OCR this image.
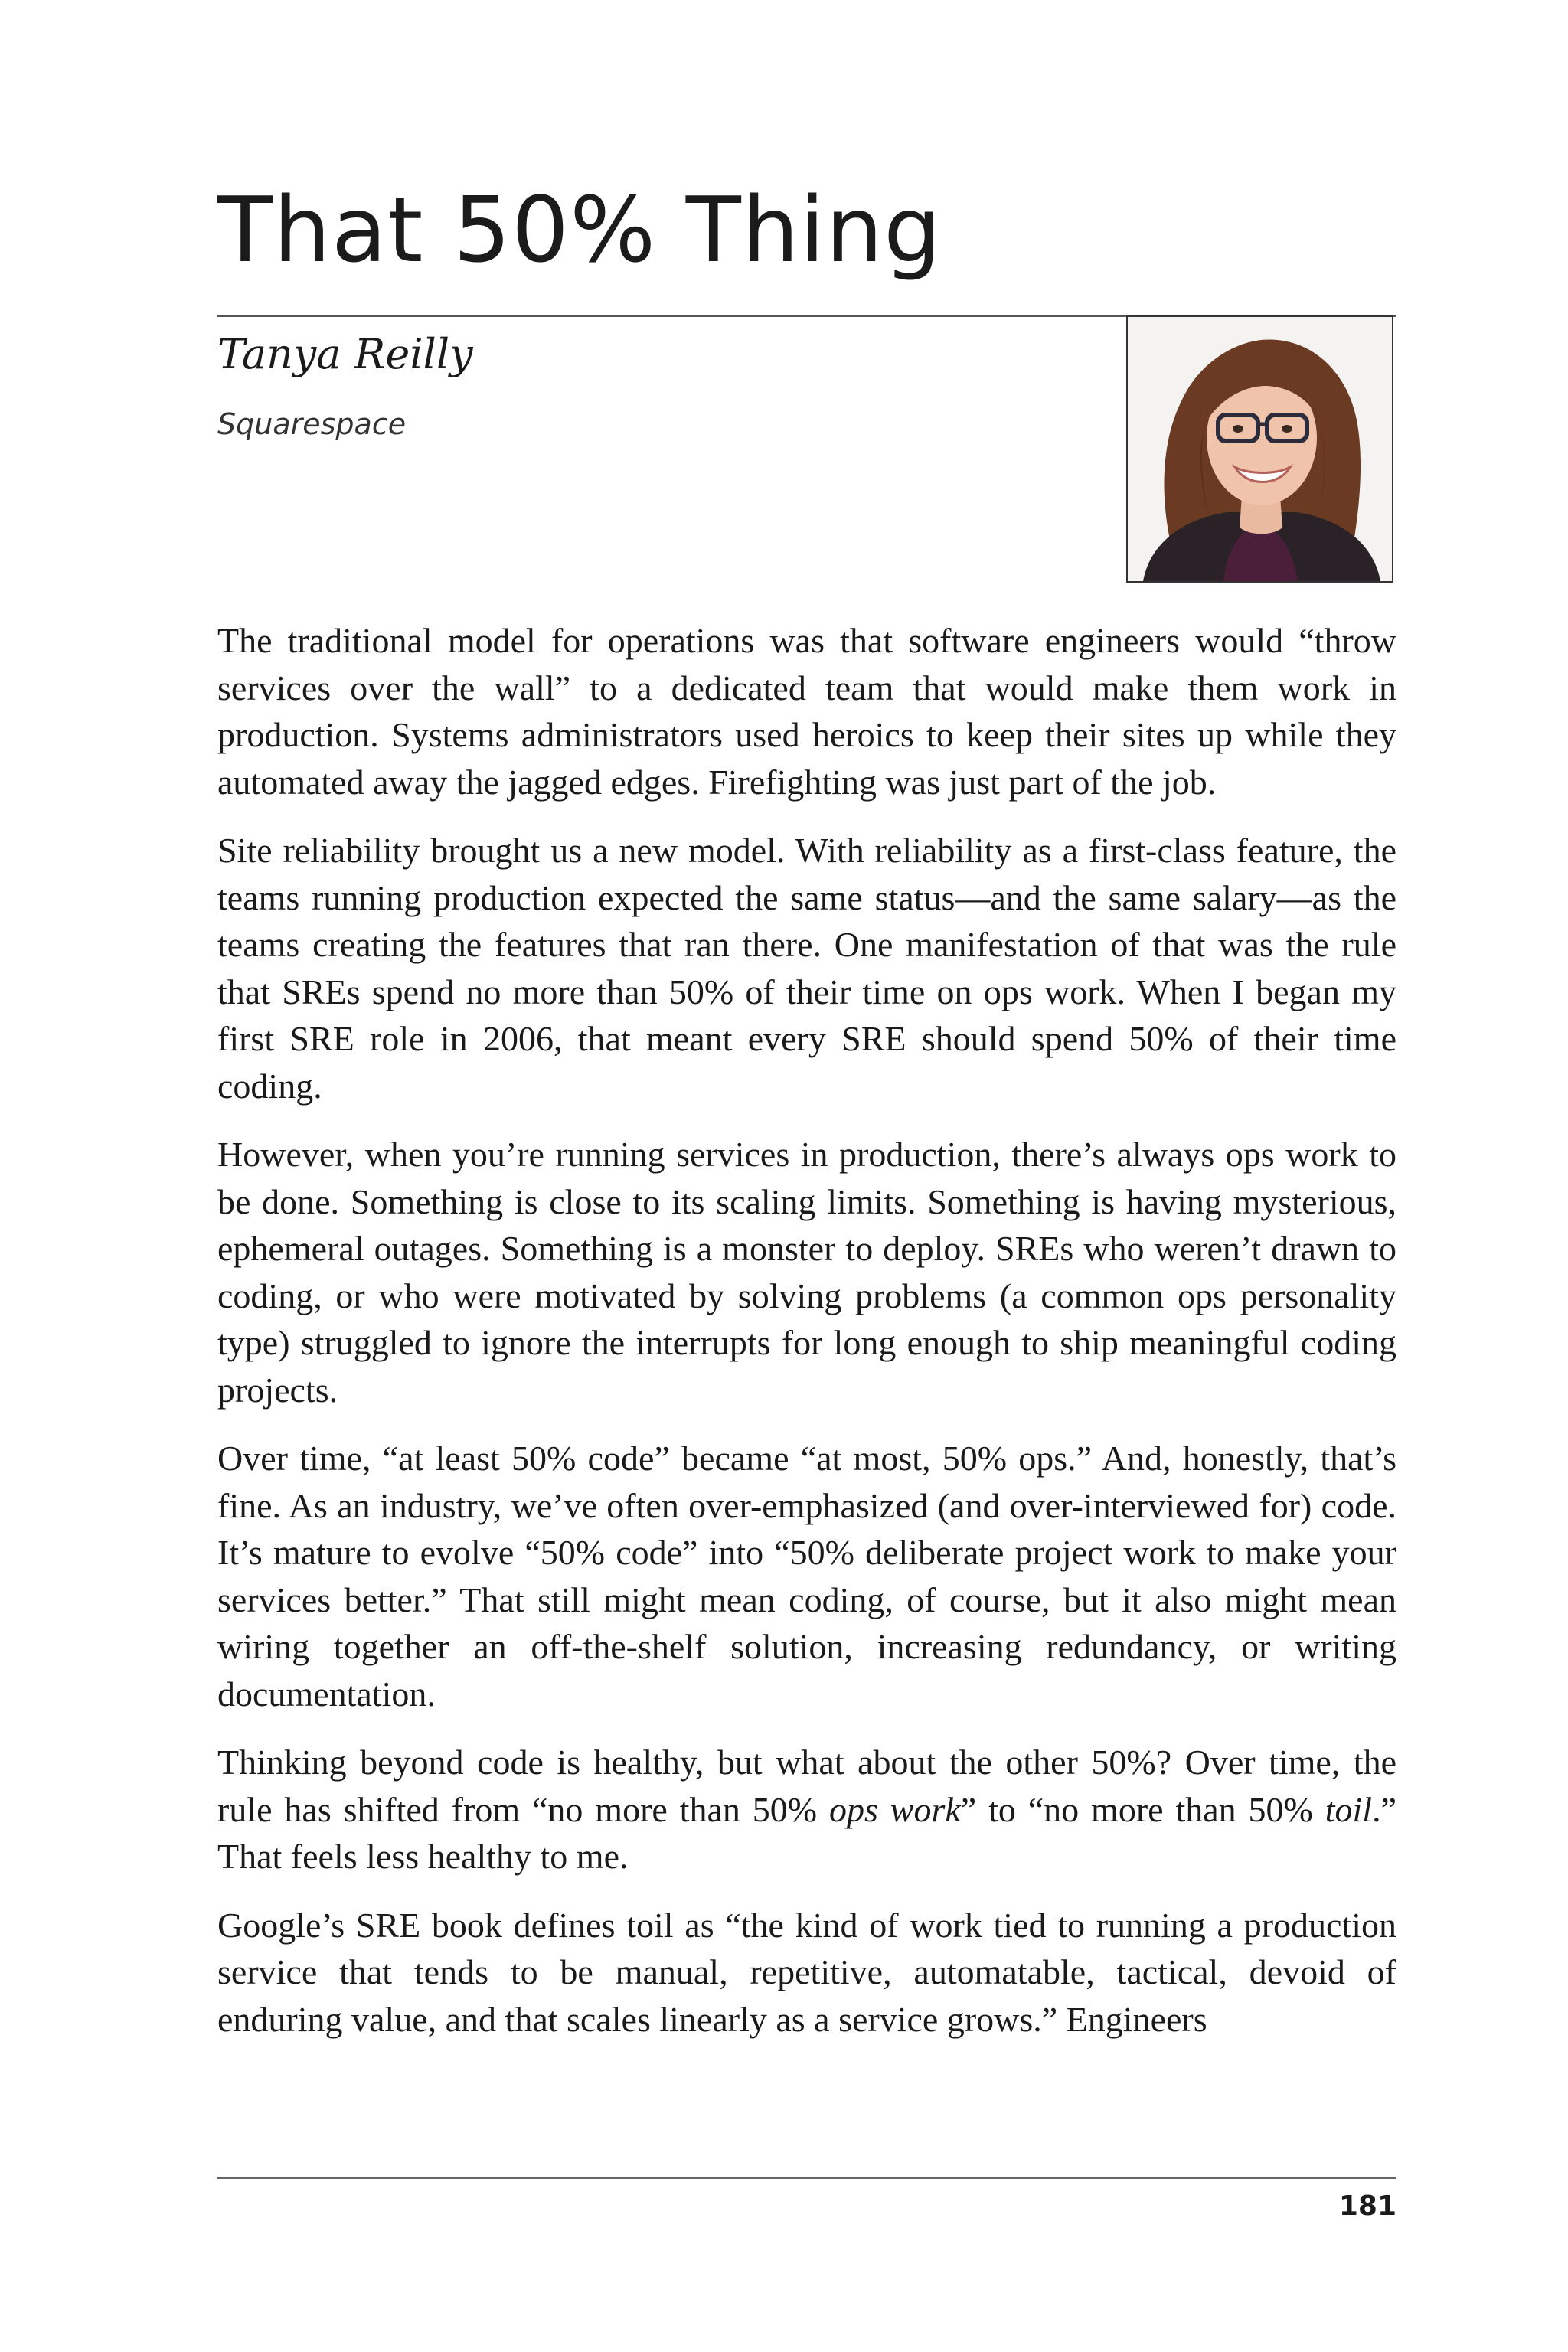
That 50% Thing

Tanya Reilly

Squarespace

The traditional model for operations was that software engineers would “throw services over the wall” to a dedicated team that would make them work in production. Systems administrators used heroics to keep their sites up while they automated away the jagged edges. Firefighting was just part of the job.

Site reliability brought us a new model. With reliability as a first-class feature, the teams running production expected the same status—and the same salary—as the teams creating the features that ran there. One manifestation of that was the rule that SREs spend no more than 50% of their time on ops work. When I began my first SRE role in 2006, that meant every SRE should spend 50% of their time coding.

However, when you’re running services in production, there’s always ops work to be done. Something is close to its scaling limits. Something is having mysterious, ephemeral outages. Something is a monster to deploy. SREs who weren’t drawn to coding, or who were motivated by solving problems (a common ops personality type) struggled to ignore the interrupts for long enough to ship meaningful coding projects.

Over time, “at least 50% code” became “at most, 50% ops.” And, honestly, that’s fine. As an industry, we’ve often over-emphasized (and over-interviewed for) code. It’s mature to evolve “50% code” into “50% deliberate project work to make your services better.” That still might mean coding, of course, but it also might mean wiring together an off-the-shelf solution, increasing redundancy, or writing documentation.

Thinking beyond code is healthy, but what about the other 50%? Over time, the rule has shifted from “no more than 50% ops work” to “no more than 50% toil.” That feels less healthy to me.

Google’s SRE book defines toil as “the kind of work tied to running a production service that tends to be manual, repetitive, automatable, tactical, devoid of enduring value, and that scales linearly as a service grows.” Engineers

181
